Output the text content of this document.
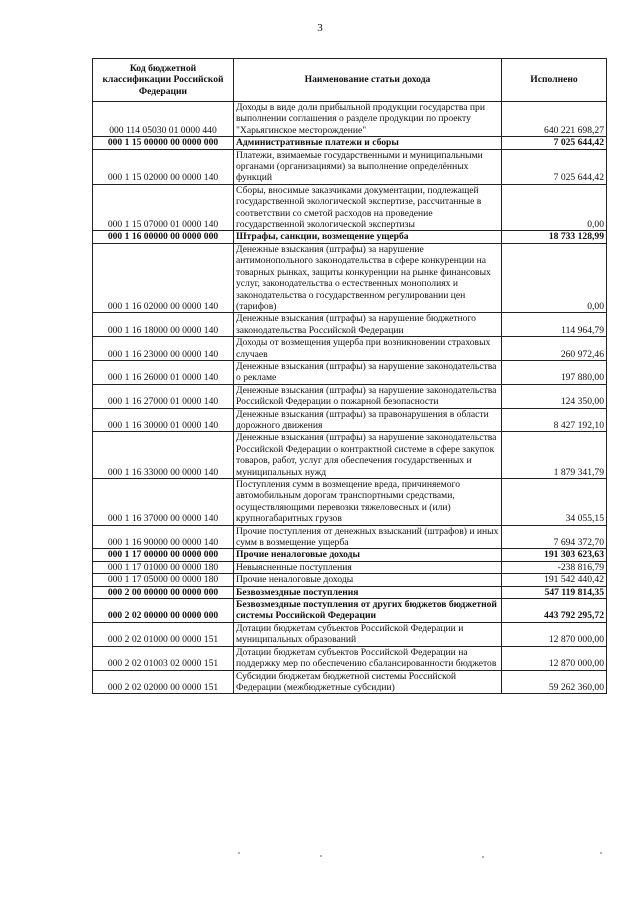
3
Код бюджетной классификации Российской Федерации	Наименование статьи дохода	Исполнено
000 114 05030 01 0000 440	Доходы в виде доли прибыльной продукции государства при выполнении соглашения о разделе продукции по проекту "Харьягинское месторождение"	640 221 698,27
000 1 15 00000 00 0000 000	Административные платежи и сборы	7 025 644,42
000 1 15 02000 00 0000 140	Платежи, взимаемые государственными и муниципальными органами (организациями) за выполнение определённых функций	7 025 644,42
000 1 15 07000 01 0000 140	Сборы, вносимые заказчиками документации, подлежащей государственной экологической экспертизе, рассчитанные в соответствии со сметой расходов на проведение государственной экологической экспертизы	0,00
000 1 16 00000 00 0000 000	Штрафы, санкции, возмещение ущерба	18 733 128,99
000 1 16 02000 00 0000 140	Денежные взыскания (штрафы) за нарушение антимонопольного законодательства в сфере конкуренции на товарных рынках, защиты конкуренции на рынке финансовых услуг, законодательства о естественных монополиях и законодательства о государственном регулировании цен (тарифов)	0,00
000 1 16 18000 00 0000 140	Денежные взыскания (штрафы) за нарушение бюджетного законодательства Российской Федерации	114 964,79
000 1 16 23000 00 0000 140	Доходы от возмещения ущерба при возникновении страховых случаев	260 972,46
000 1 16 26000 01 0000 140	Денежные взыскания (штрафы) за нарушение законодательства о рекламе	197 880,00
000 1 16 27000 01 0000 140	Денежные взыскания (штрафы) за нарушение законодательства Российской Федерации о пожарной безопасности	124 350,00
000 1 16 30000 01 0000 140	Денежные взыскания (штрафы) за правонарушения в области дорожного движения	8 427 192,10
000 1 16 33000 00 0000 140	Денежные взыскания (штрафы) за нарушение законодательства Российской Федерации о контрактной системе в сфере закупок товаров, работ, услуг для обеспечения государственных и муниципальных нужд	1 879 341,79
000 1 16 37000 00 0000 140	Поступления сумм в возмещение вреда, причиняемого автомобильным дорогам транспортными средствами, осуществляющими перевозки тяжеловесных и (или) крупногабаритных грузов	34 055,15
000 1 16 90000 00 0000 140	Прочие поступления от денежных взысканий (штрафов) и иных сумм в возмещение ущерба	7 694 372,70
000 1 17 00000 00 0000 000	Прочие неналоговые доходы	191 303 623,63
000 1 17 01000 00 0000 180	Невыясненные поступления	-238 816,79
000 1 17 05000 00 0000 180	Прочие неналоговые доходы	191 542 440,42
000 2 00 00000 00 0000 000	Безвозмездные поступления	547 119 814,35
000 2 02 00000 00 0000 000	Безвозмездные поступления от других бюджетов бюджетной системы Российской Федерации	443 792 295,72
000 2 02 01000 00 0000 151	Дотации бюджетам субъектов Российской Федерации и муниципальных образований	12 870 000,00
000 2 02 01003 02 0000 151	Дотации бюджетам субъектов Российской Федерации на поддержку мер по обеспечению сбалансированности бюджетов	12 870 000,00
000 2 02 02000 00 0000 151	Субсидии бюджетам бюджетной системы Российской Федерации (межбюджетные субсидии)	59 262 360,00
